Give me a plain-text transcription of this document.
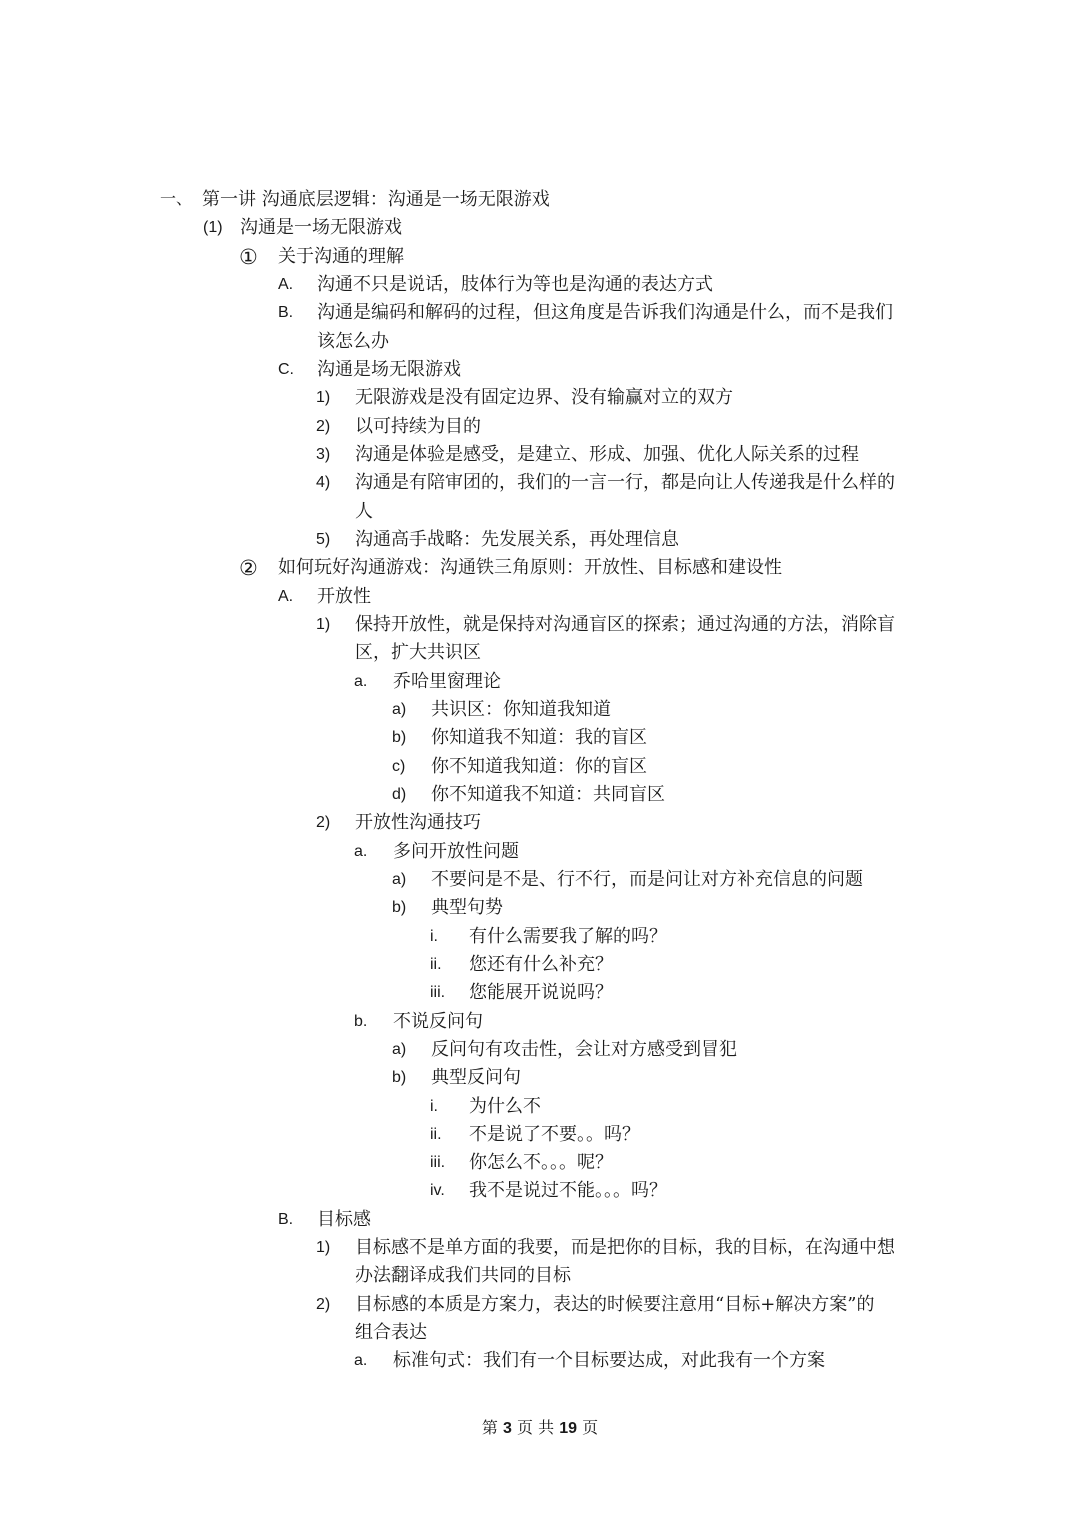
一、 第一讲 沟通底层逻辑：沟通是一场无限游戏
(1) 沟通是一场无限游戏
① 关于沟通的理解
A. 沟通不只是说话，肢体行为等也是沟通的表达方式
B. 沟通是编码和解码的过程，但这角度是告诉我们沟通是什么，而不是我们
该怎么办
C. 沟通是场无限游戏
1) 无限游戏是没有固定边界、没有输赢对立的双方
2) 以可持续为目的
3) 沟通是体验是感受，是建立、形成、加强、优化人际关系的过程
4) 沟通是有陪审团的，我们的一言一行，都是向让人传递我是什么样的
人
5) 沟通高手战略：先发展关系，再处理信息
② 如何玩好沟通游戏：沟通铁三角原则：开放性、目标感和建设性
A. 开放性
1) 保持开放性，就是保持对沟通盲区的探索；通过沟通的方法，消除盲
区，扩大共识区
a. 乔哈里窗理论
a) 共识区：你知道我知道
b) 你知道我不知道：我的盲区
c) 你不知道我知道：你的盲区
d) 你不知道我不知道：共同盲区
2) 开放性沟通技巧
a. 多问开放性问题
a) 不要问是不是、行不行，而是问让对方补充信息的问题
b) 典型句势
i. 有什么需要我了解的吗？
ii. 您还有什么补充？
iii. 您能展开说说吗？
b. 不说反问句
a) 反问句有攻击性，会让对方感受到冒犯
b) 典型反问句
i. 为什么不
ii. 不是说了不要。。吗？
iii. 你怎么不。。。呢？
iv. 我不是说过不能。。。吗？
B. 目标感
1) 目标感不是单方面的我要，而是把你的目标，我的目标，在沟通中想
办法翻译成我们共同的目标
2) 目标感的本质是方案力，表达的时候要注意用“目标+解决方案”的
组合表达
a. 标准句式：我们有一个目标要达成，对此我有一个方案
第 3 页 共 19 页
